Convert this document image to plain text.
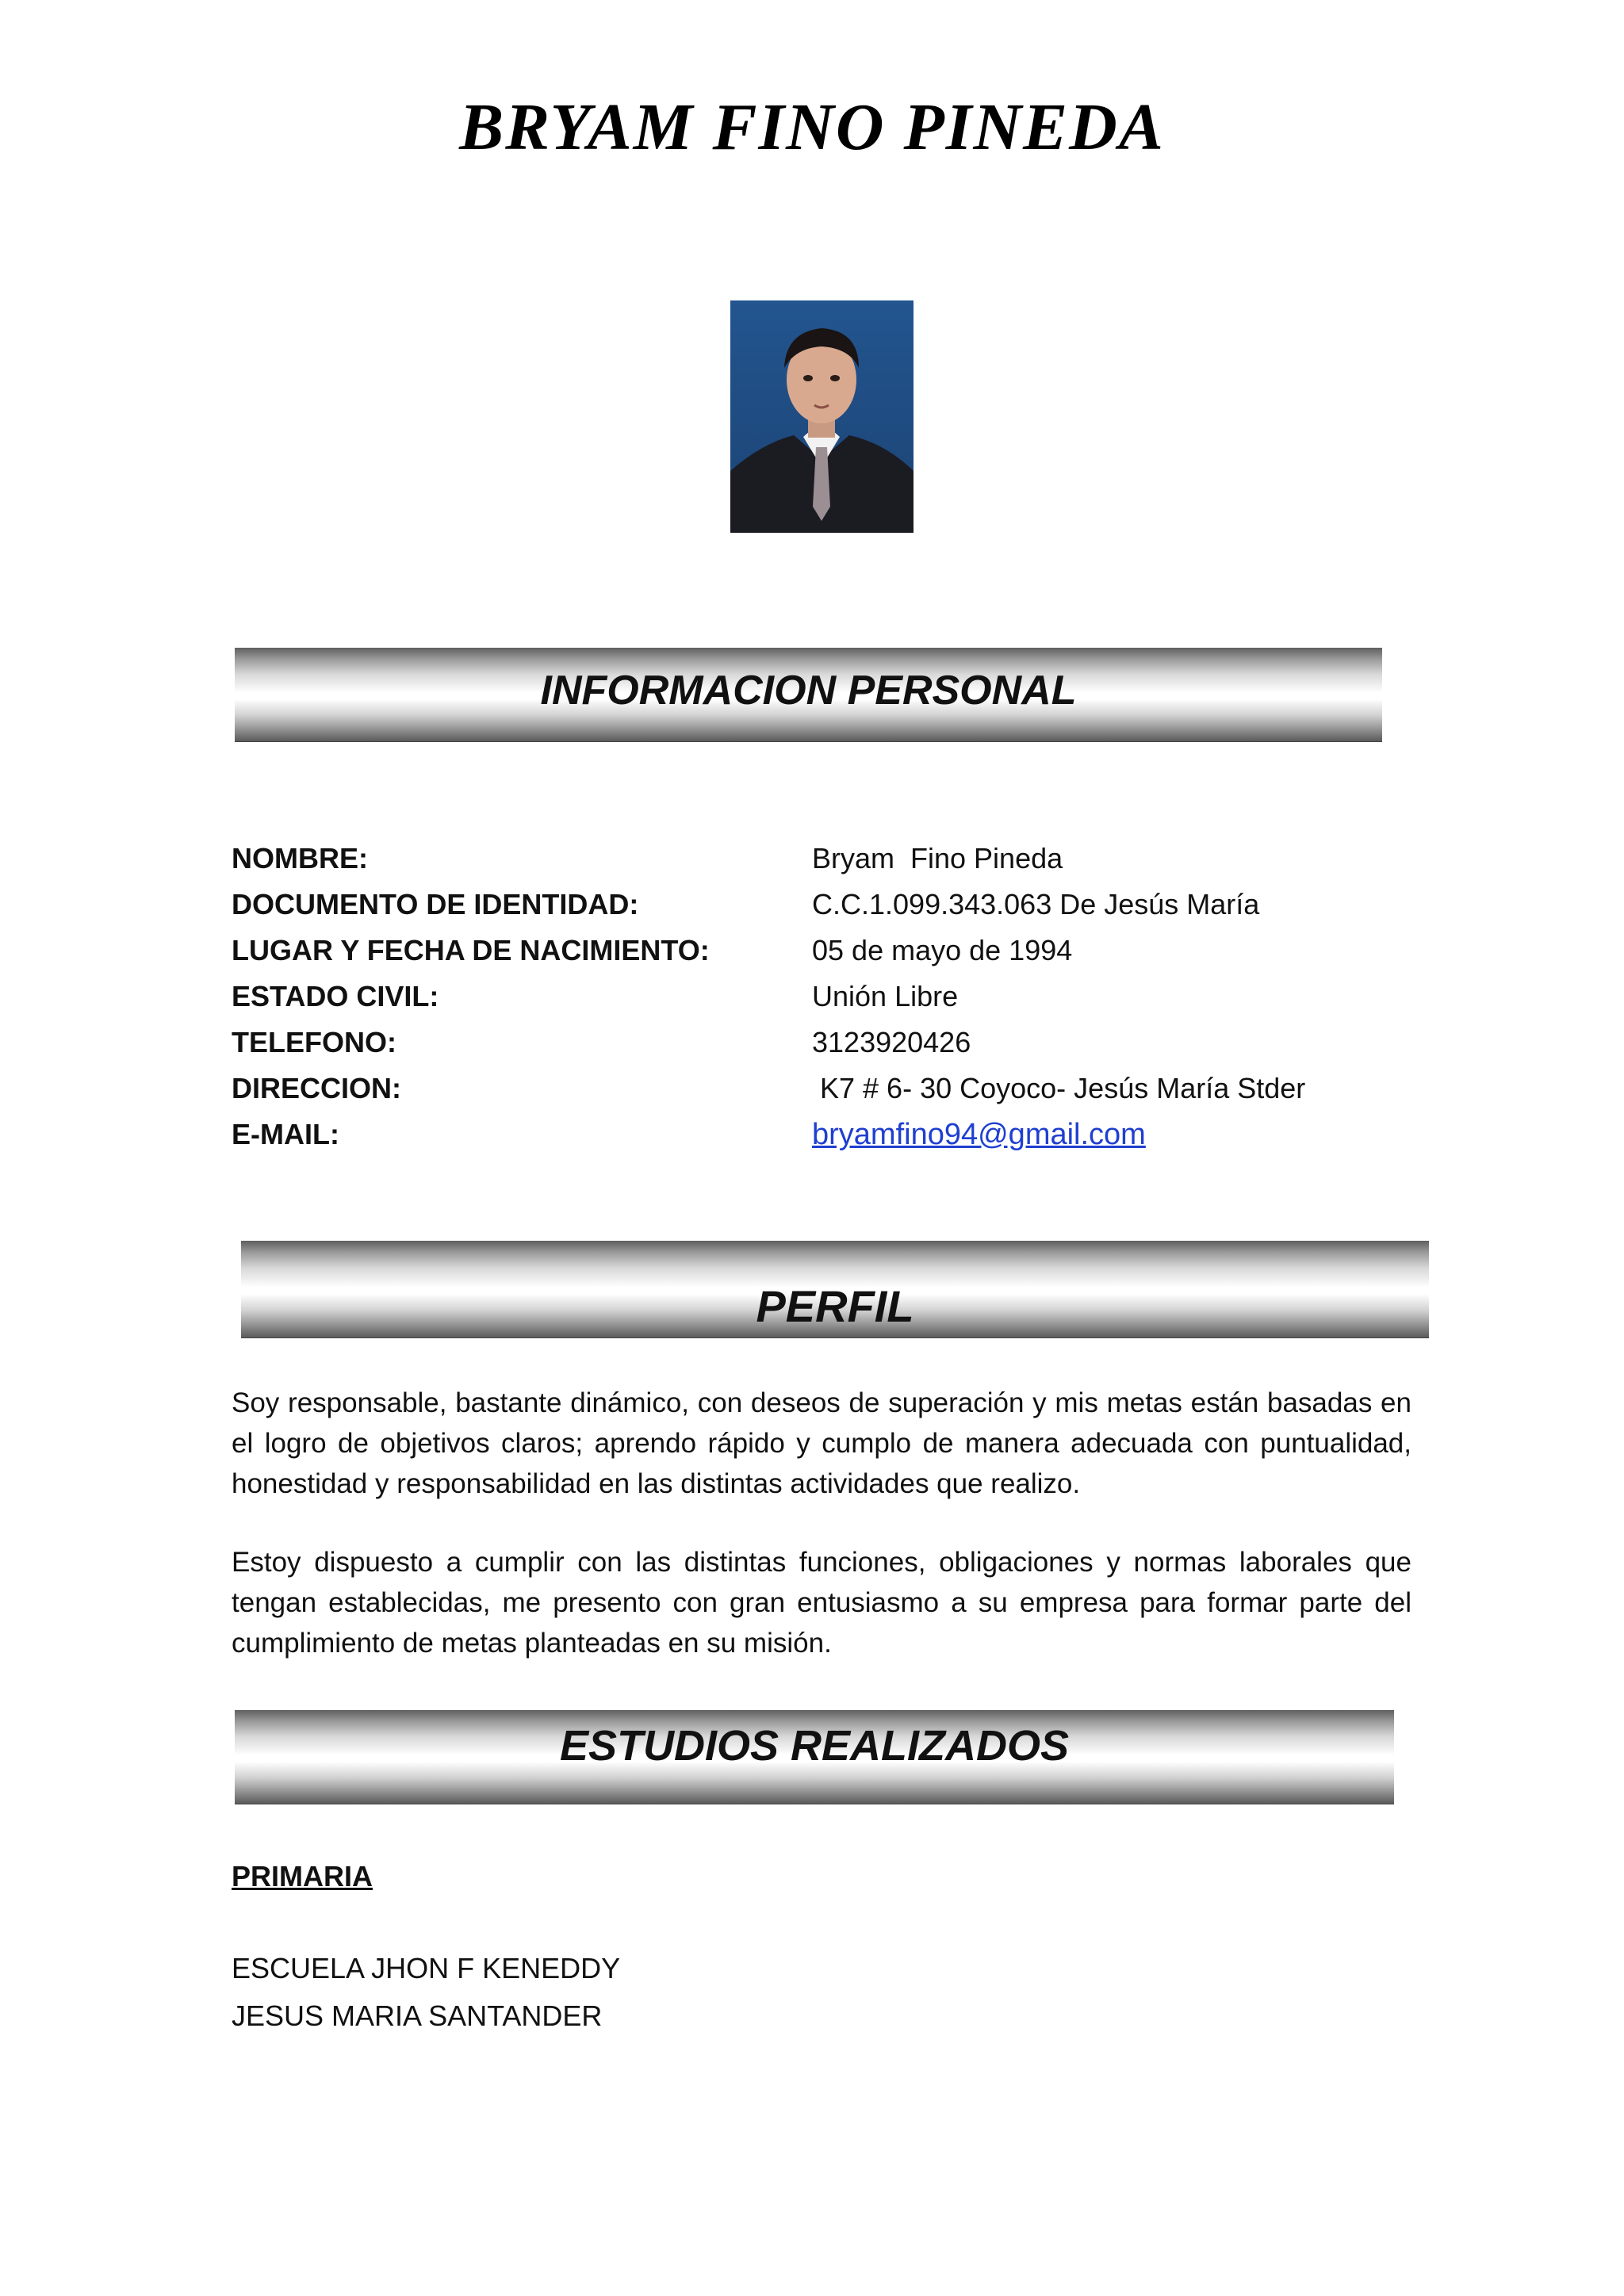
BRYAM FINO PINEDA
INFORMACION PERSONAL
NOMBRE:	Bryam  Fino Pineda
DOCUMENTO DE IDENTIDAD:	C.C.1.099.343.063 De Jesús María
LUGAR Y FECHA DE NACIMIENTO:	05 de mayo de 1994
ESTADO CIVIL:	Unión Libre
TELEFONO:	3123920426
DIRECCION:	K7 # 6- 30 Coyoco- Jesús María Stder
E-MAIL:	bryamfino94@gmail.com
PERFIL
Soy responsable, bastante dinámico, con deseos de superación y mis metas están basadas en el logro de objetivos claros; aprendo rápido y cumplo de manera adecuada con puntualidad, honestidad y responsabilidad en las distintas actividades que realizo.
Estoy dispuesto a cumplir con las distintas funciones, obligaciones y normas laborales que tengan establecidas, me presento con gran entusiasmo a su empresa para formar parte del cumplimiento de metas planteadas en su misión.
ESTUDIOS REALIZADOS
PRIMARIA
ESCUELA JHON F KENEDDY
JESUS MARIA SANTANDER
